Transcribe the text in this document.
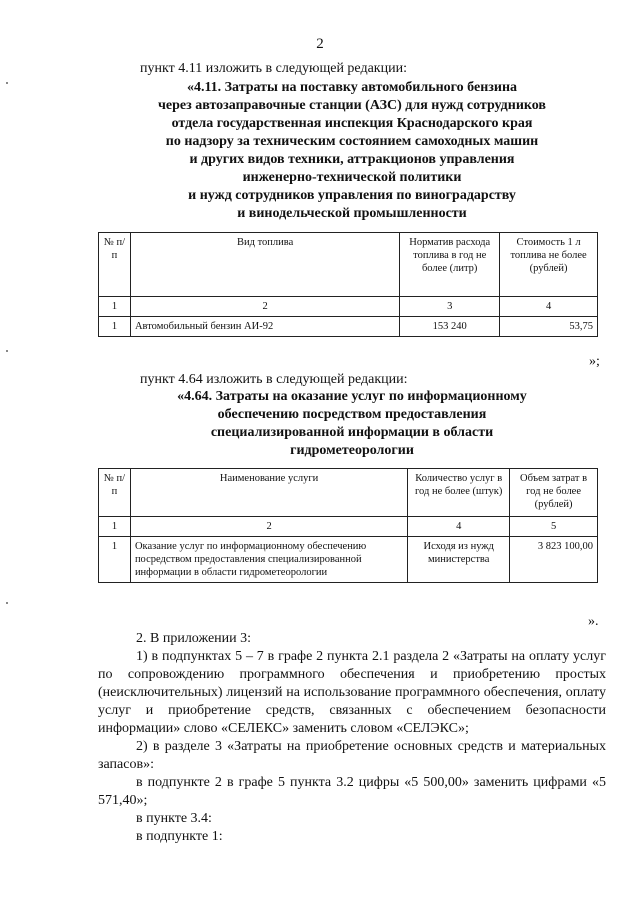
2
пункт 4.11 изложить в следующей редакции:
«4.11. Затраты на поставку автомобильного бензина
через автозаправочные станции (АЗС) для нужд сотрудников
отдела государственная инспекция Краснодарского края
по надзору за техническим состоянием самоходных машин
и других видов техники, аттракционов управления
инженерно-технической политики
и нужд сотрудников управления по виноградарству
и винодельческой промышленности
№ п/п	Вид топлива	Норматив расхода топлива в год не более (литр)	Стоимость 1 л топлива не более (рублей)
1	2	3	4
1	Автомобильный бензин АИ-92	153 240	53,75
»;
пункт 4.64 изложить в следующей редакции:
«4.64. Затраты на оказание услуг по информационному
обеспечению посредством предоставления
специализированной информации в области
гидрометеорологии
№ п/п	Наименование услуги	Количество услуг в год не более (штук)	Объем затрат в год не более (рублей)
1	2	4	5
1	Оказание услуг по информационному обеспечению посредством предоставления специализированной информации в области гидрометеорологии	Исходя из нужд министерства	3 823 100,00
».

2. В приложении 3:

1) в подпунктах 5 – 7 в графе 2 пункта 2.1 раздела 2 «Затраты на оплату услуг по сопровождению программного обеспечения и приобретению простых (неисключительных) лицензий на использование программного обеспечения, оплату услуг и приобретение средств, связанных с обеспечением безопасности информации» слово «СЕЛЕКС» заменить словом «СЕЛЭКС»;

2) в разделе 3 «Затраты на приобретение основных средств и материальных запасов»:

в подпункте 2 в графе 5 пункта 3.2 цифры «5 500,00» заменить цифрами «5 571,40»;

в пункте 3.4:

в подпункте 1:
